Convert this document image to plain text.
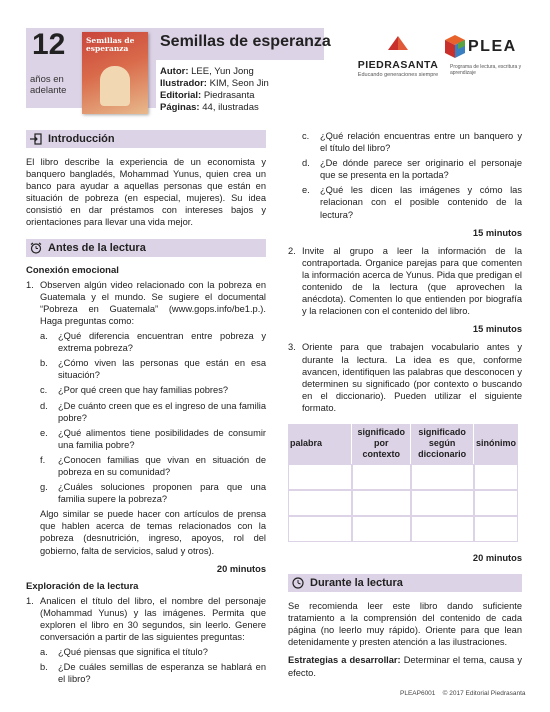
12
años en adelante
Semillas de esperanza	Semillas de esperanza
Autor: LEE, Yun Jong
Ilustrador: KIM, Seon Jin
Editorial: Piedrasanta
Páginas: 44, ilustradas
PIEDRASANTA
Educando generaciones siempre
PLEA
Programa de lectura, escritura y aprendizaje
Introducción

El libro describe la experiencia de un economista y banquero bangladés, Mohammad Yunus, quien crea un banco para ayudar a aquellas personas que están en situación de pobreza (en especial, mujeres). Su idea consistió en dar préstamos con intereses bajos y orientaciones para llevar una vida mejor.

Antes de la lectura
Conexión emocional
1. Observen algún video relacionado con la pobreza en Guatemala y el mundo. Se sugiere el documental “Pobreza en Guatemala” (www.gops.info/be1.p.). Haga preguntas como:
a.	¿Qué diferencia encuentran entre pobreza y extrema pobreza?
b.	¿Cómo viven las personas que están en esa situación?
c.	¿Por qué creen que hay familias pobres?
d.	¿De cuánto creen que es el ingreso de una familia pobre?
e.	¿Qué alimentos tiene posibilidades de consumir una familia pobre?
f.	¿Conocen familias que vivan en situación de pobreza en su comunidad?
g.	¿Cuáles soluciones proponen para que una familia supere la pobreza?
Algo similar se puede hacer con artículos de prensa que hablen acerca de temas relacionados con la pobreza (desnutrición, ingreso, apoyos, rol del gobierno, falta de servicios, salud y otros).
20 minutos
Exploración de la lectura
1. Analicen el título del libro, el nombre del personaje (Mohammad Yunus) y las imágenes. Permita que exploren el libro en 30 segundos, sin leerlo. Genere conversación a partir de las siguientes preguntas:
a.	¿Qué piensas que significa el título?
b.	¿De cuáles semillas de esperanza se hablará en el libro?
c.	¿Qué relación encuentras entre un banquero y el título del libro?
d.	¿De dónde parece ser originario el personaje que se presenta en la portada?
e.	¿Qué les dicen las imágenes y cómo las relacionan con el posible contenido de la lectura?
15 minutos
2. Invite al grupo a leer la información de la contraportada. Organice parejas para que comenten la información acerca de Yunus. Pida que predigan el contenido de la lectura (que aprovechen la anécdota). Comenten lo que entienden por biografía y la relacionen con el contenido del libro.
15 minutos
3. Oriente para que trabajen vocabulario antes y durante la lectura. La idea es que, conforme avancen, identifiquen las palabras que desconocen y determinen su significado (por contexto o buscando en el diccionario). Pueden utilizar el siguiente formato.
palabra	significado por contexto	significado según diccionario	sinónimo

20 minutos
Durante la lectura

Se recomienda leer este libro dando suficiente tratamiento a la comprensión del contenido de cada página (no leerlo muy rápido). Oriente para que lean detenidamente y presten atención a las ilustraciones.

Estrategias a desarrollar: Determinar el tema, causa y efecto.

PLEAP6001 © 2017 Editorial Piedrasanta
